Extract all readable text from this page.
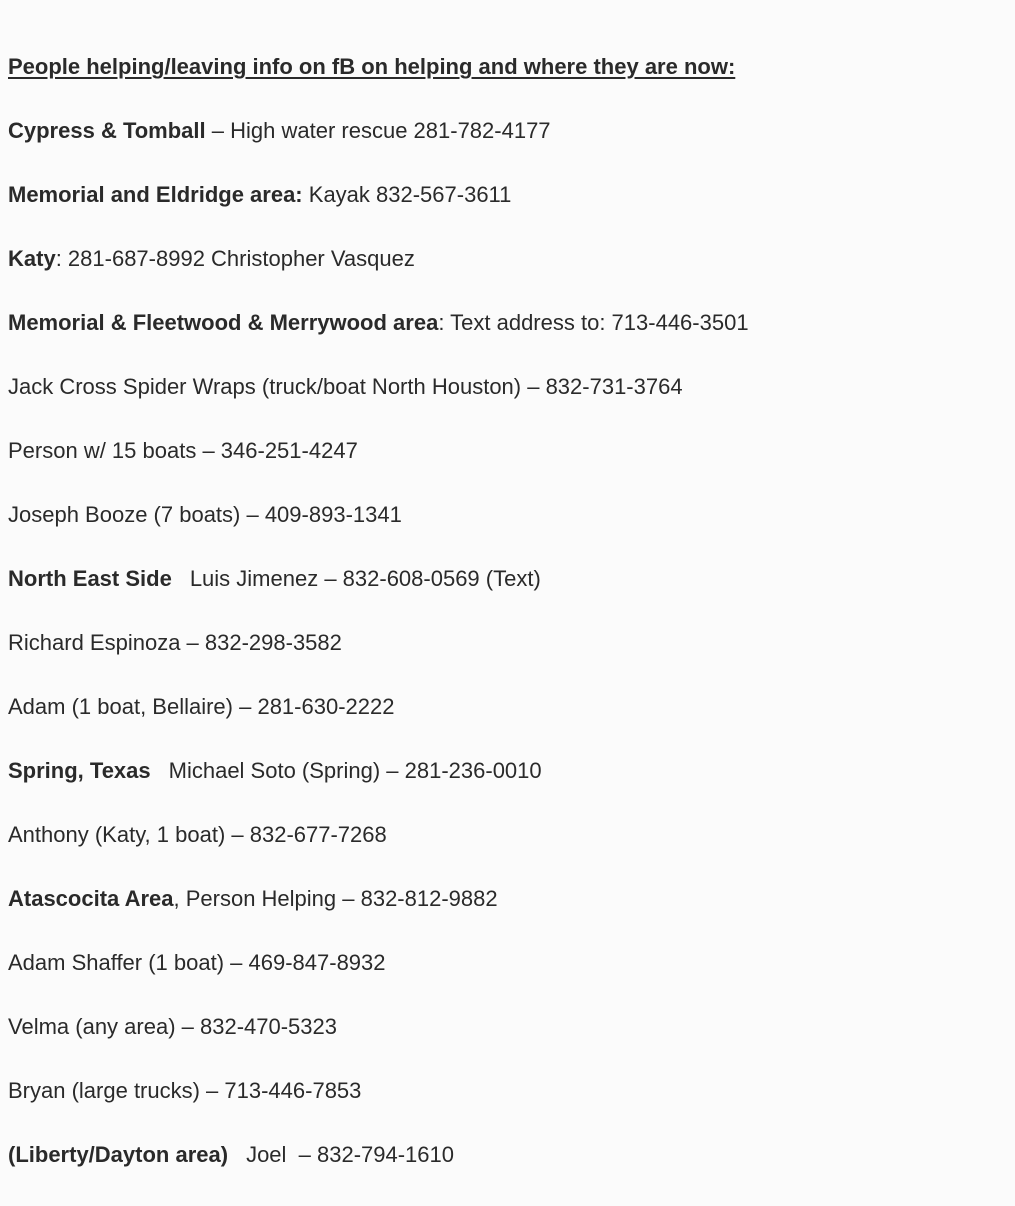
People helping/leaving info on fB on helping and where they are now:
Cypress & Tomball – High water rescue 281-782-4177
Memorial and Eldridge area: Kayak 832-567-3611
Katy: 281-687-8992 Christopher Vasquez
Memorial & Fleetwood & Merrywood area: Text address to: 713-446-3501
Jack Cross Spider Wraps (truck/boat North Houston) – 832-731-3764
Person w/ 15 boats – 346-251-4247
Joseph Booze (7 boats) – 409-893-1341
North East Side Luis Jimenez – 832-608-0569 (Text)
Richard Espinoza – 832-298-3582
Adam (1 boat, Bellaire) – 281-630-2222
Spring, Texas Michael Soto (Spring) – 281-236-0010
Anthony (Katy, 1 boat) – 832-677-7268
Atascocita Area, Person Helping – 832-812-9882
Adam Shaffer (1 boat) – 469-847-8932
Velma (any area) – 832-470-5323
Bryan (large trucks) – 713-446-7853
(Liberty/Dayton area) Joel  – 832-794-1610
